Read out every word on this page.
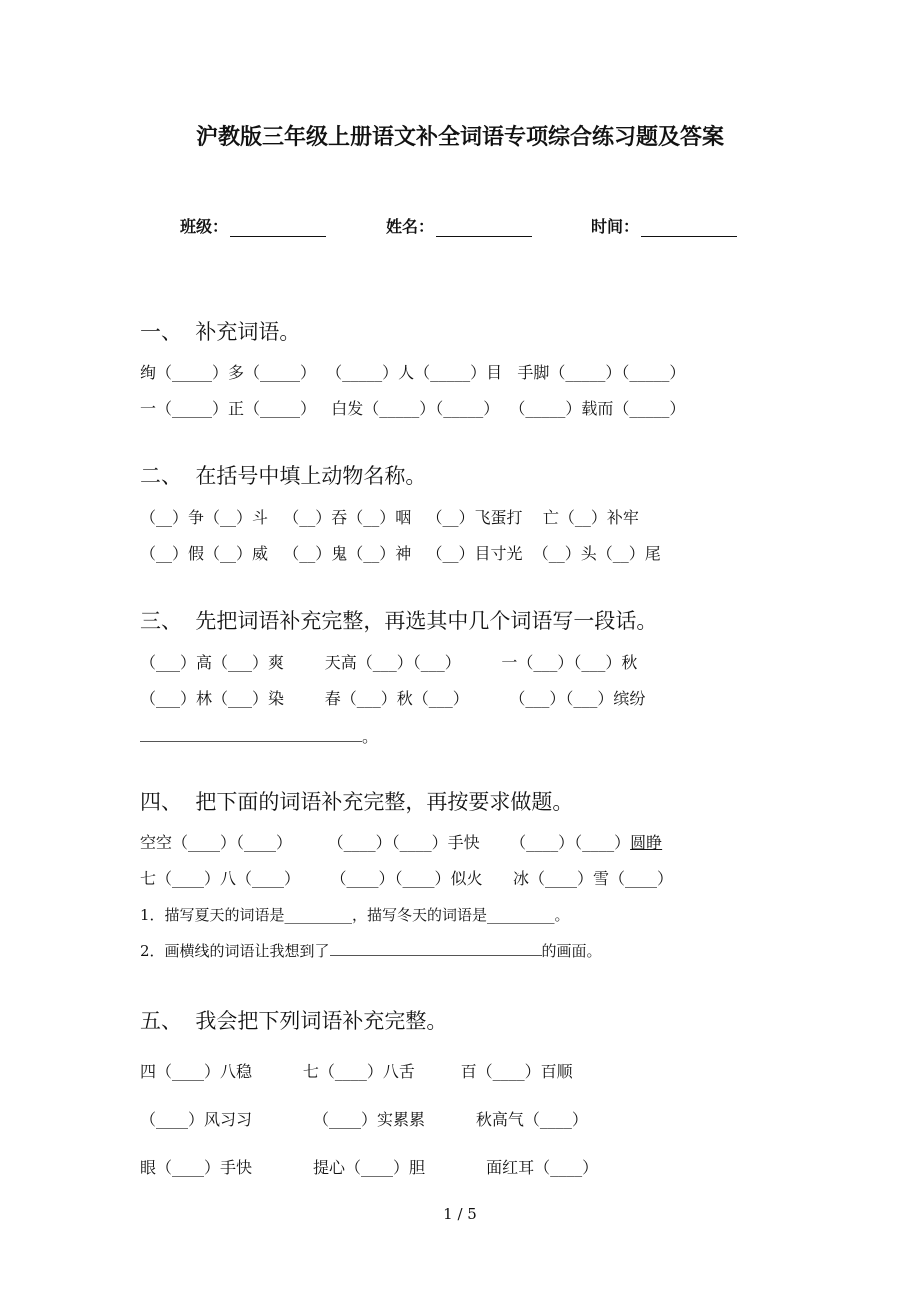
沪教版三年级上册语文补全词语专项综合练习题及答案
班级：	姓名：	时间：
一、  补充词语。
绚（_____）多（_____）  （_____）人（_____）目   手脚（_____）（_____）
一（_____）正（_____）   白发（_____）（_____）  （_____）载而（_____）
二、  在括号中填上动物名称。
（__）争（__）斗   （__）吞（__）咽   （__）飞蛋打    亡（__）补牢
（__）假（__）威   （__）鬼（__）神   （__）目寸光  （__）头（__）尾
三、  先把词语补充完整，再选其中几个词语写一段话。
（___）高（___）爽        天高（___）（___）        一（___）（___）秋
（___）林（___）染        春（___）秋（___）        （___）（___）缤纷
。
四、  把下面的词语补充完整，再按要求做题。
空空（____）（____）       （____）（____）手快      （____）（____）圆睁
七（____）八（____）      （____）（____）似火      冰（____）雪（____）
1．描写夏天的词语是_________，描写冬天的词语是_________。
2．画横线的词语让我想到了	的画面。
五、  我会把下列词语补充完整。
四（____）八稳          七（____）八舌         百（____）百顺
（____）风习习            （____）实累累          秋高气（____）
眼（____）手快            提心（____）胆            面红耳（____）
1 / 5
